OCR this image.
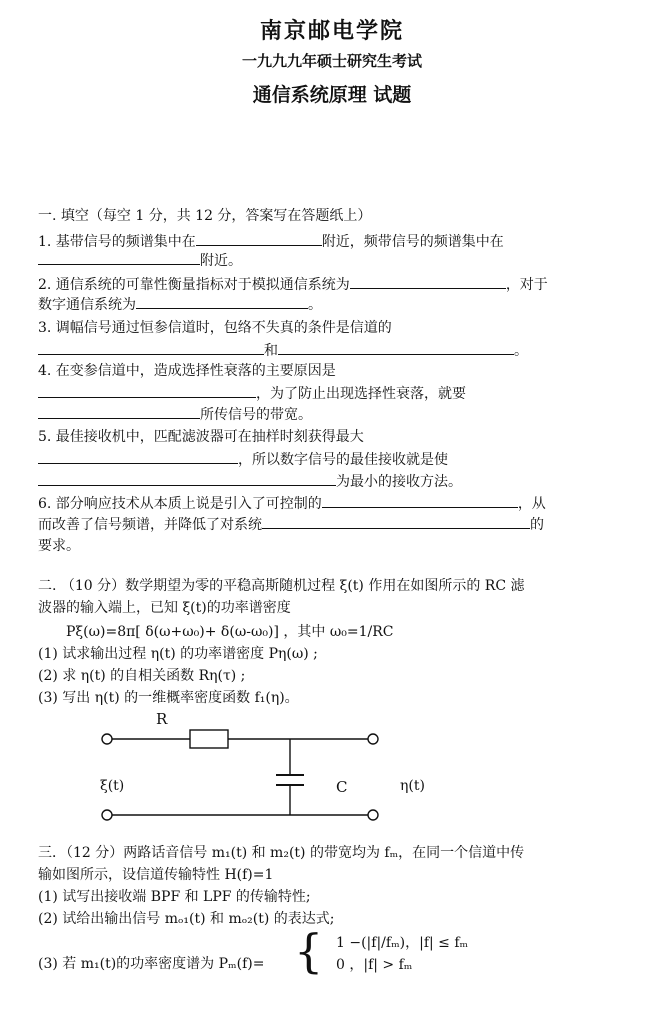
南京邮电学院
一九九九年硕士研究生考试
通信系统原理 试题
一. 填空（每空 1 分，共 12 分，答案写在答题纸上）
1. 基带信号的频谱集中在	附近，频带信号的频谱集中在
附近。
2. 通信系统的可靠性衡量指标对于模拟通信系统为	，对于
数字通信系统为	。
3. 调幅信号通过恒参信道时，包络不失真的条件是信道的
和	。
4. 在变参信道中，造成选择性衰落的主要原因是
，为了防止出现选择性衰落，就要
所传信号的带宽。
5. 最佳接收机中，匹配滤波器可在抽样时刻获得最大
，所以数字信号的最佳接收就是使
为最小的接收方法。
6. 部分响应技术从本质上说是引入了可控制的	，从
而改善了信号频谱，并降低了对系统	的
要求。
二. （10 分）数学期望为零的平稳高斯随机过程 ξ(t) 作用在如图所示的 RC 滤
波器的输入端上，已知 ξ(t)的功率谱密度
Pξ(ω)=8π[ δ(ω+ω₀)+ δ(ω-ω₀)] ，其中 ω₀=1/RC
(1) 试求输出过程 η(t) 的功率谱密度 Pη(ω) ;
(2) 求 η(t) 的自相关函数 Rη(τ) ;
(3) 写出 η(t) 的一维概率密度函数 f₁(η)。
R
C
ξ(t)	η(t)
三．（12 分）两路话音信号 m₁(t) 和 m₂(t) 的带宽均为 fₘ，在同一个信道中传
输如图所示，设信道传输特性 H(f)=1
(1) 试写出接收端 BPF 和 LPF 的传输特性;
(2) 试给出输出信号 mₒ₁(t) 和 mₒ₂(t) 的表达式;
(3) 若 m₁(t)的功率密度谱为 Pₘ(f)= { 1 −(|f|/fₘ)，|f| ≤ fₘ
0 ，|f| > fₘ
